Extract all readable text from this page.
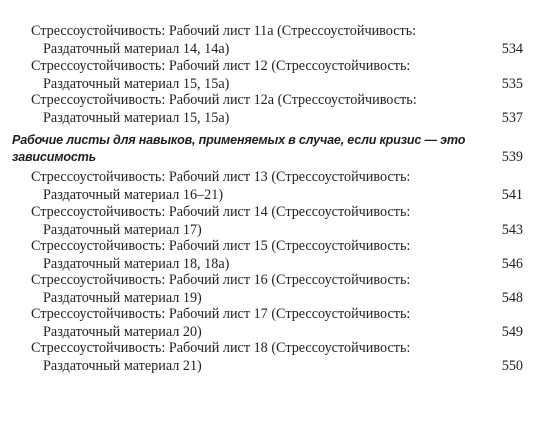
Стрессоустойчивость: Рабочий лист 11а (Стрессоустойчивость:
Раздаточный материал 14, 14а)	534
Стрессоустойчивость: Рабочий лист 12 (Стрессоустойчивость:
Раздаточный материал 15, 15а)	535
Стрессоустойчивость: Рабочий лист 12а (Стрессоустойчивость:
Раздаточный материал 15, 15а)	537
Рабочие листы для навыков, применяемых в случае, если кризис — это
зависимость	539
Стрессоустойчивость: Рабочий лист 13 (Стрессоустойчивость:
Раздаточный материал 16–21)	541
Стрессоустойчивость: Рабочий лист 14 (Стрессоустойчивость:
Раздаточный материал 17)	543
Стрессоустойчивость: Рабочий лист 15 (Стрессоустойчивость:
Раздаточный материал 18, 18а)	546
Стрессоустойчивость: Рабочий лист 16 (Стрессоустойчивость:
Раздаточный материал 19)	548
Стрессоустойчивость: Рабочий лист 17 (Стрессоустойчивость:
Раздаточный материал 20)	549
Стрессоустойчивость: Рабочий лист 18 (Стрессоустойчивость:
Раздаточный материал 21)	550
